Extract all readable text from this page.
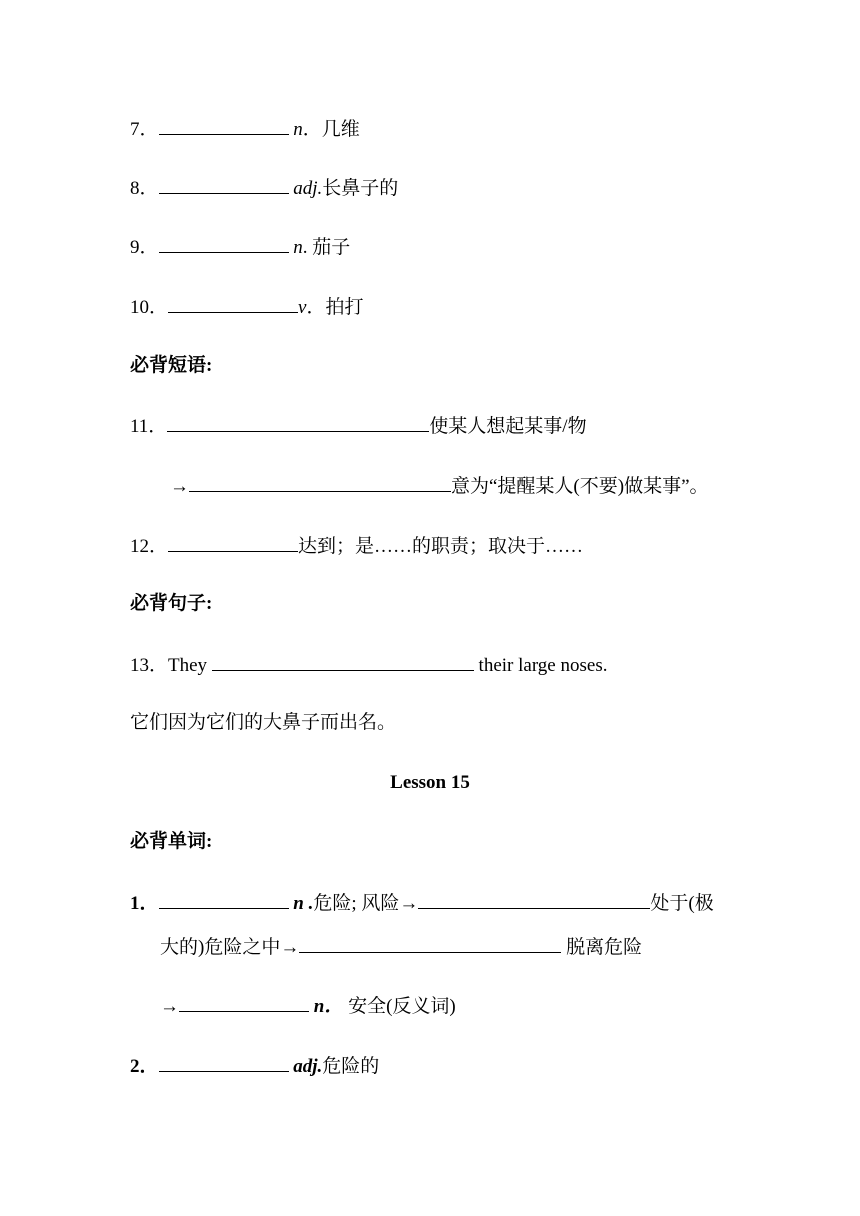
7．	n．几维
8．	adj.长鼻子的
9．	n. 茄子
10．	v．拍打
必背短语:
11．	使某人想起某事/物
→	意为“提醒某人(不要)做某事”。
12．	达到；是……的职责；取决于……
必背句子:
13．They	their large noses.
它们因为它们的大鼻子而出名。
Lesson 15
必背单词:
1．	n .危险; 风险→	处于(极
大的)危险之中→	脱离危险
→	n． 安全(反义词)
2．	adj.危险的
